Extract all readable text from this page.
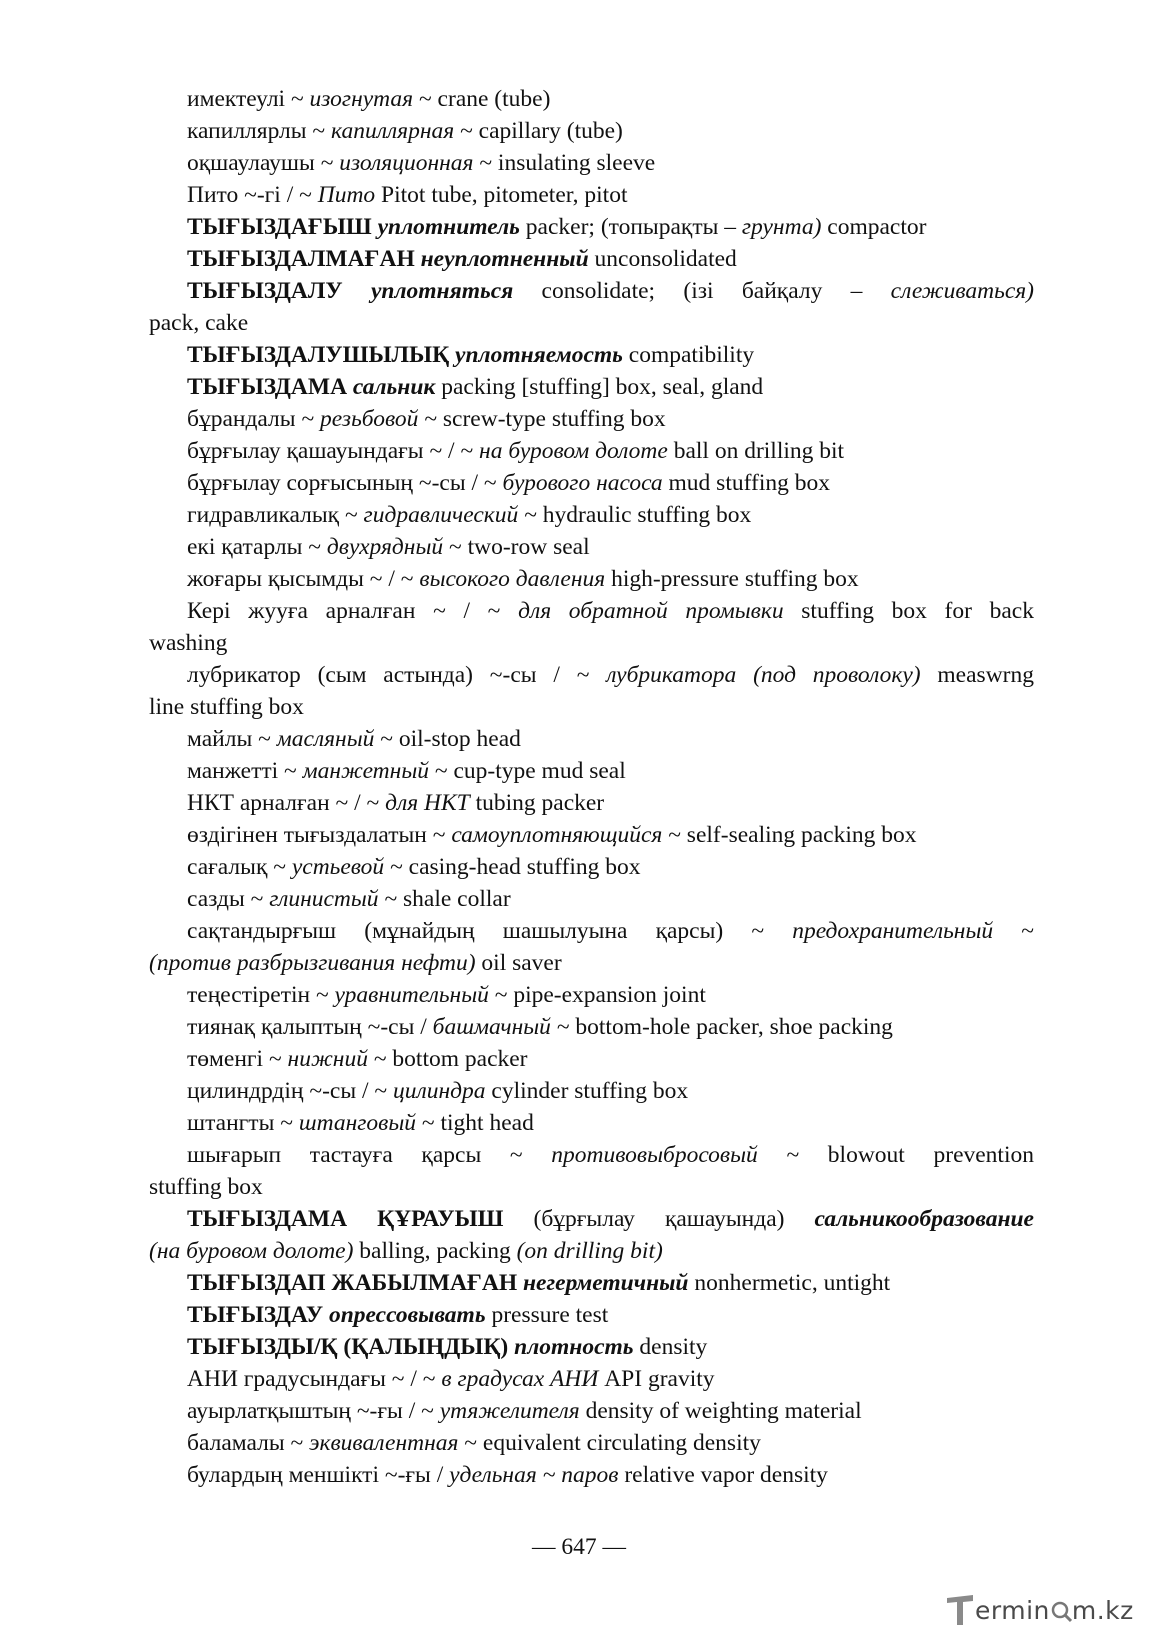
имектеулі ~ изогнутая ~ crane (tube)

капиллярлы ~ капиллярная ~ capillary (tube)

оқшаулаушы ~ изоляционная ~ insulating sleeve

Пито ~-гі / ~ Пито Pitot tube, pitometer, pitot

ТЫҒЫЗДАҒЫШ уплотнитель packer; (топырақты – грунта) compactor

ТЫҒЫЗДАЛМАҒАН неуплотненный unconsolidated

ТЫҒЫЗДАЛУ уплотняться consolidate; (ізі байқалу – слеживаться)

pack, cake

ТЫҒЫЗДАЛУШЫЛЫҚ уплотняемость compatibility

ТЫҒЫЗДАМА сальник packing [stuffing] box, seal, gland

бұрандалы ~ резьбовой ~ screw-type stuffing box

бұрғылау қашауындағы ~ / ~ на буровом долоте ball on drilling bit

бұрғылау сорғысының ~-сы / ~ бурового насоса mud stuffing box

гидравликалық ~ гидравлический ~ hydraulic stuffing box

екі қатарлы ~ двухрядный ~ two-row seal

жоғары қысымды ~ / ~ высокого давления high-pressure stuffing box

Кері жууға арналған ~ / ~ для обратной промывки stuffing box for back

washing

лубрикатор (сым астында) ~-сы / ~ лубрикатора (под проволоку) measwrng

line stuffing box

майлы ~ масляный ~ oil-stop head

манжетті ~ манжетный ~ cup-type mud seal

НКТ арналған ~ / ~ для НКТ tubing packer

өздігінен тығыздалатын ~ самоуплотняющийся ~ self-sealing packing box

сағалық ~ устьевой ~ casing-head stuffing box

сазды ~ глинистый ~ shale collar

сақтандырғыш (мұнайдың шашылуына қарсы) ~ предохранительный ~

(против разбрызгивания нефти) oil saver

теңестіретін ~ уравнительный ~ pipe-expansion joint

тиянақ қалыптың ~-сы / башмачный ~ bottom-hole packer, shoe packing

төменгі ~ нижний ~ bottom packer

цилиндрдің ~-сы / ~ цилиндра cylinder stuffing box

штангты ~ штанговый ~ tight head

шығарып тастауға қарсы ~ противовыбросовый ~ blowout prevention

stuffing box

ТЫҒЫЗДАМА ҚҰРАУЫШ (бұрғылау қашауында) сальникообразование

(на буровом долоте) balling, packing (on drilling bit)

ТЫҒЫЗДАП ЖАБЫЛМАҒАН негерметичный nonhermetic, untight

ТЫҒЫЗДАУ опрессовывать pressure test

ТЫҒЫЗДЫ/Қ (ҚАЛЫҢДЫҚ) плотность density

АНИ градусындағы ~ / ~ в градусах АНИ API gravity

ауырлатқыштың ~-ғы / ~ утяжелителя density of weighting material

баламалы ~ эквивалентная ~ equivalent circulating density

булардың меншікті ~-ғы / удельная ~ паров relative vapor density

— 647 —
ermin m.kz
